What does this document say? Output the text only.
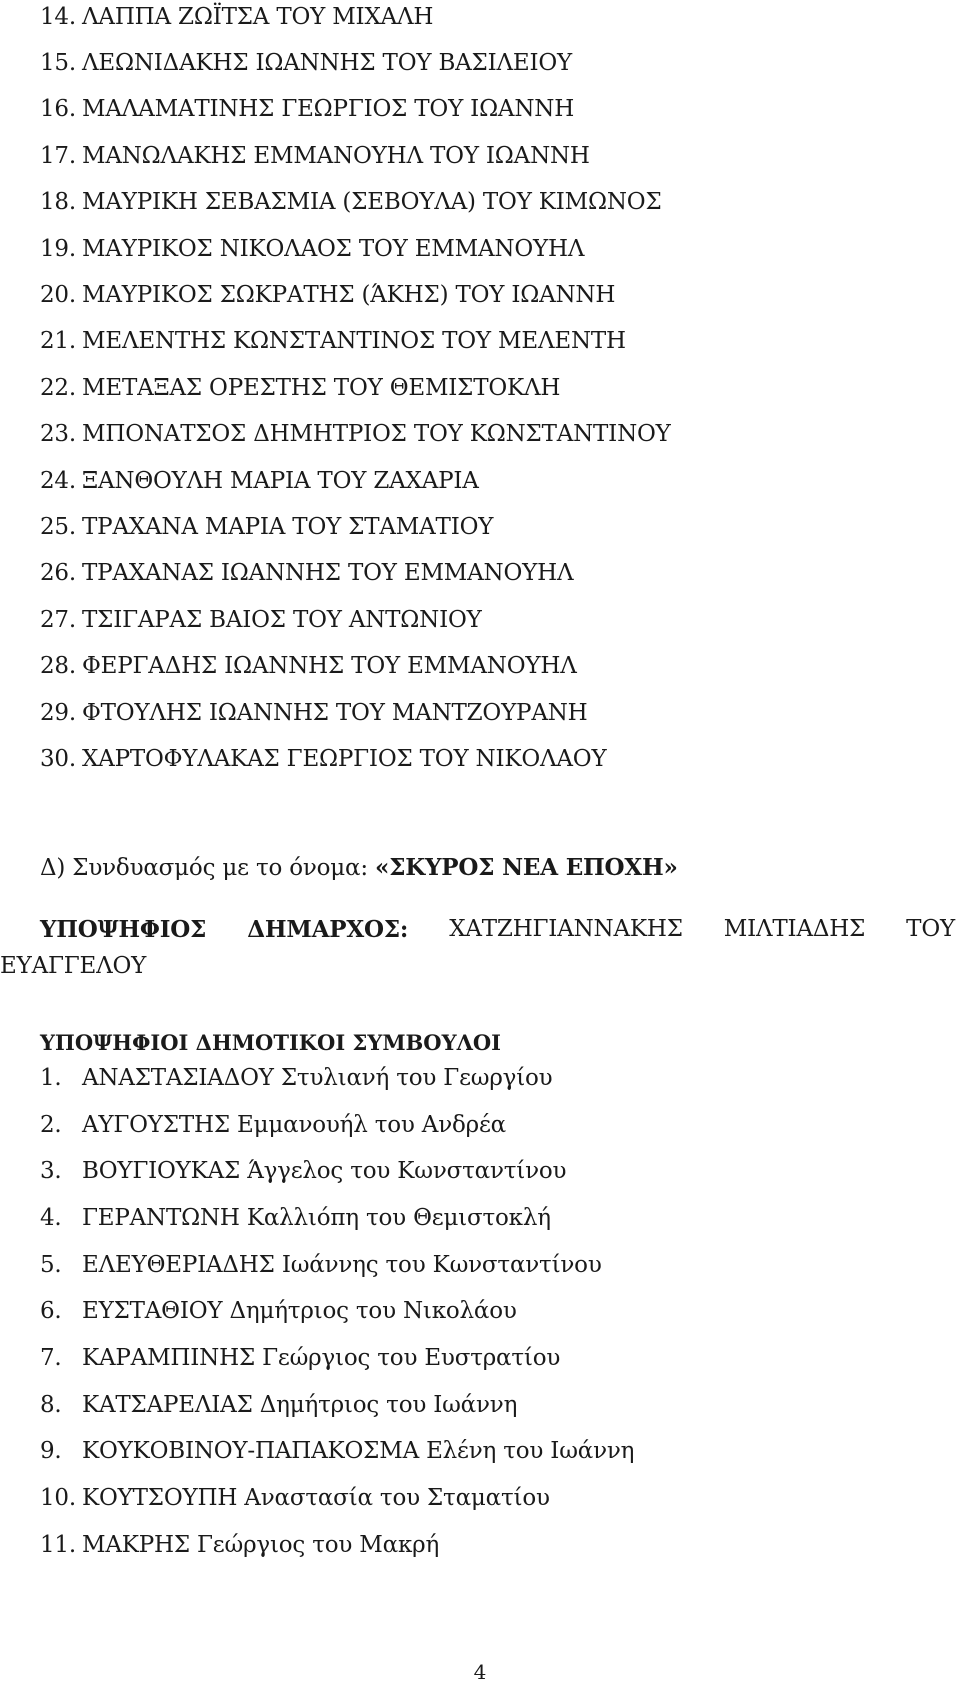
14. ΛΑΠΠΑ ΖΩΪΤΣΑ ΤΟΥ ΜΙΧΑΛΗ
15. ΛΕΩΝΙΔΑΚΗΣ ΙΩΑΝΝΗΣ ΤΟΥ ΒΑΣΙΛΕΙΟΥ
16. ΜΑΛΑΜΑΤΙΝΗΣ ΓΕΩΡΓΙΟΣ ΤΟΥ ΙΩΑΝΝΗ
17. ΜΑΝΩΛΑΚΗΣ ΕΜΜΑΝΟΥΗΛ ΤΟΥ ΙΩΑΝΝΗ
18. ΜΑΥΡΙΚΗ ΣΕΒΑΣΜΙΑ (ΣΕΒΟΥΛΑ) ΤΟΥ ΚΙΜΩΝΟΣ
19. ΜΑΥΡΙΚΟΣ ΝΙΚΟΛΑΟΣ ΤΟΥ ΕΜΜΑΝΟΥΗΛ
20. ΜΑΥΡΙΚΟΣ ΣΩΚΡΑΤΗΣ (ΆΚΗΣ) ΤΟΥ ΙΩΑΝΝΗ
21. ΜΕΛΕΝΤΗΣ ΚΩΝΣΤΑΝΤΙΝΟΣ ΤΟΥ ΜΕΛΕΝΤΗ
22. ΜΕΤΑΞΑΣ ΟΡΕΣΤΗΣ ΤΟΥ ΘΕΜΙΣΤΟΚΛΗ
23. ΜΠΟΝΑΤΣΟΣ ΔΗΜΗΤΡΙΟΣ ΤΟΥ ΚΩΝΣΤΑΝΤΙΝΟΥ
24. ΞΑΝΘΟΥΛΗ ΜΑΡΙΑ ΤΟΥ ΖΑΧΑΡΙΑ
25. ΤΡΑΧΑΝΑ ΜΑΡΙΑ ΤΟΥ ΣΤΑΜΑΤΙΟΥ
26. ΤΡΑΧΑΝΑΣ ΙΩΑΝΝΗΣ ΤΟΥ ΕΜΜΑΝΟΥΗΛ
27. ΤΣΙΓΑΡΑΣ ΒΑΙΟΣ ΤΟΥ ΑΝΤΩΝΙΟΥ
28. ΦΕΡΓΑΔΗΣ ΙΩΑΝΝΗΣ ΤΟΥ ΕΜΜΑΝΟΥΗΛ
29. ΦΤΟΥΛΗΣ ΙΩΑΝΝΗΣ ΤΟΥ ΜΑΝΤΖΟΥΡΑΝΗ
30. ΧΑΡΤΟΦΥΛΑΚΑΣ ΓΕΩΡΓΙΟΣ ΤΟΥ ΝΙΚΟΛΑΟΥ
Δ) Συνδυασμός με το όνομα: «ΣΚΥΡΟΣ ΝΕΑ ΕΠΟΧΗ»
ΥΠΟΨΗΦΙΟΣ ΔΗΜΑΡΧΟΣ: ΧΑΤΖΗΓΙΑΝΝΑΚΗΣ ΜΙΛΤΙΑΔΗΣ ΤΟΥ
ΕΥΑΓΓΕΛΟΥ
ΥΠΟΨΗΦΙΟΙ ΔΗΜΟΤΙΚΟΙ ΣΥΜΒΟΥΛΟΙ
1. ΑΝΑΣΤΑΣΙΑΔΟΥ Στυλιανή του Γεωργίου
2. ΑΥΓΟΥΣΤΗΣ Εμμανουήλ του Ανδρέα
3. ΒΟΥΓΙΟΥΚΑΣ Άγγελος του Κωνσταντίνου
4. ΓΕΡΑΝΤΩΝΗ Καλλιόπη του Θεμιστοκλή
5. ΕΛΕΥΘΕΡΙΑΔΗΣ Ιωάννης του Κωνσταντίνου
6. ΕΥΣΤΑΘΙΟΥ Δημήτριος του Νικολάου
7. ΚΑΡΑΜΠΙΝΗΣ Γεώργιος του Ευστρατίου
8. ΚΑΤΣΑΡΕΛΙΑΣ Δημήτριος του Ιωάννη
9. ΚΟΥΚΟΒΙΝΟΥ-ΠΑΠΑΚΟΣΜΑ Ελένη του Ιωάννη
10. ΚΟΥΤΣΟΥΠΗ Αναστασία του Σταματίου
11. ΜΑΚΡΗΣ Γεώργιος του Μακρή
4
